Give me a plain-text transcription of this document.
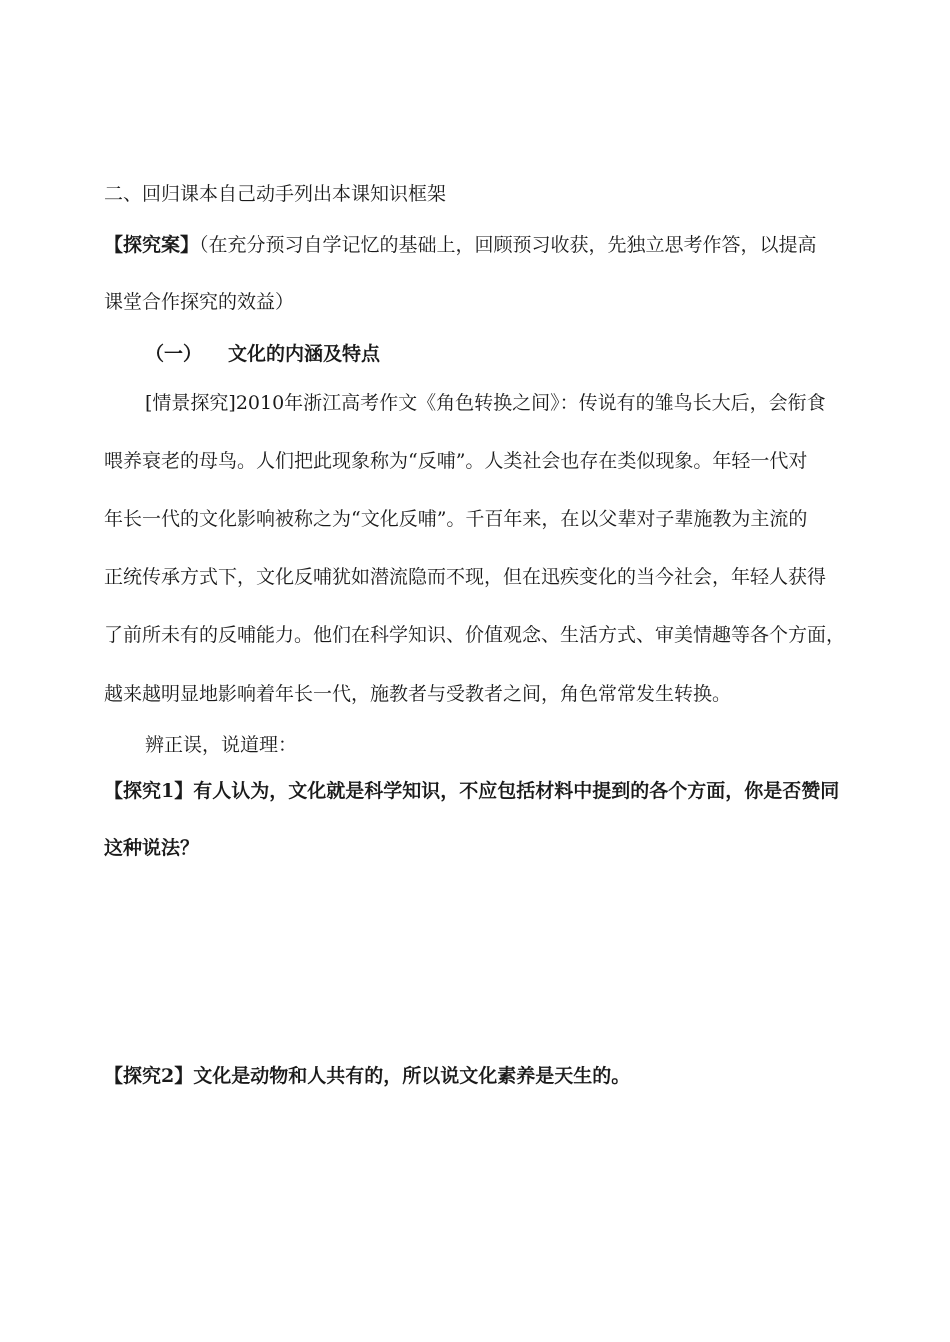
二、回归课本自己动手列出本课知识框架
【探究案】（在充分预习自学记忆的基础上，回顾预习收获，先独立思考作答，以提高
课堂合作探究的效益）
（一） 文化的内涵及特点
[情景探究]2010年浙江高考作文《角色转换之间》：传说有的雏鸟长大后，会衔食
喂养衰老的母鸟。人们把此现象称为“反哺”。人类社会也存在类似现象。年轻一代对
年长一代的文化影响被称之为“文化反哺”。千百年来，在以父辈对子辈施教为主流的
正统传承方式下，文化反哺犹如潜流隐而不现，但在迅疾变化的当今社会，年轻人获得
了前所未有的反哺能力。他们在科学知识、价值观念、生活方式、审美情趣等各个方面，
越来越明显地影响着年长一代，施教者与受教者之间，角色常常发生转换。
辨正误，说道理：
【探究1】有人认为，文化就是科学知识，不应包括材料中提到的各个方面，你是否赞同
这种说法？
【探究2】文化是动物和人共有的，所以说文化素养是天生的。
